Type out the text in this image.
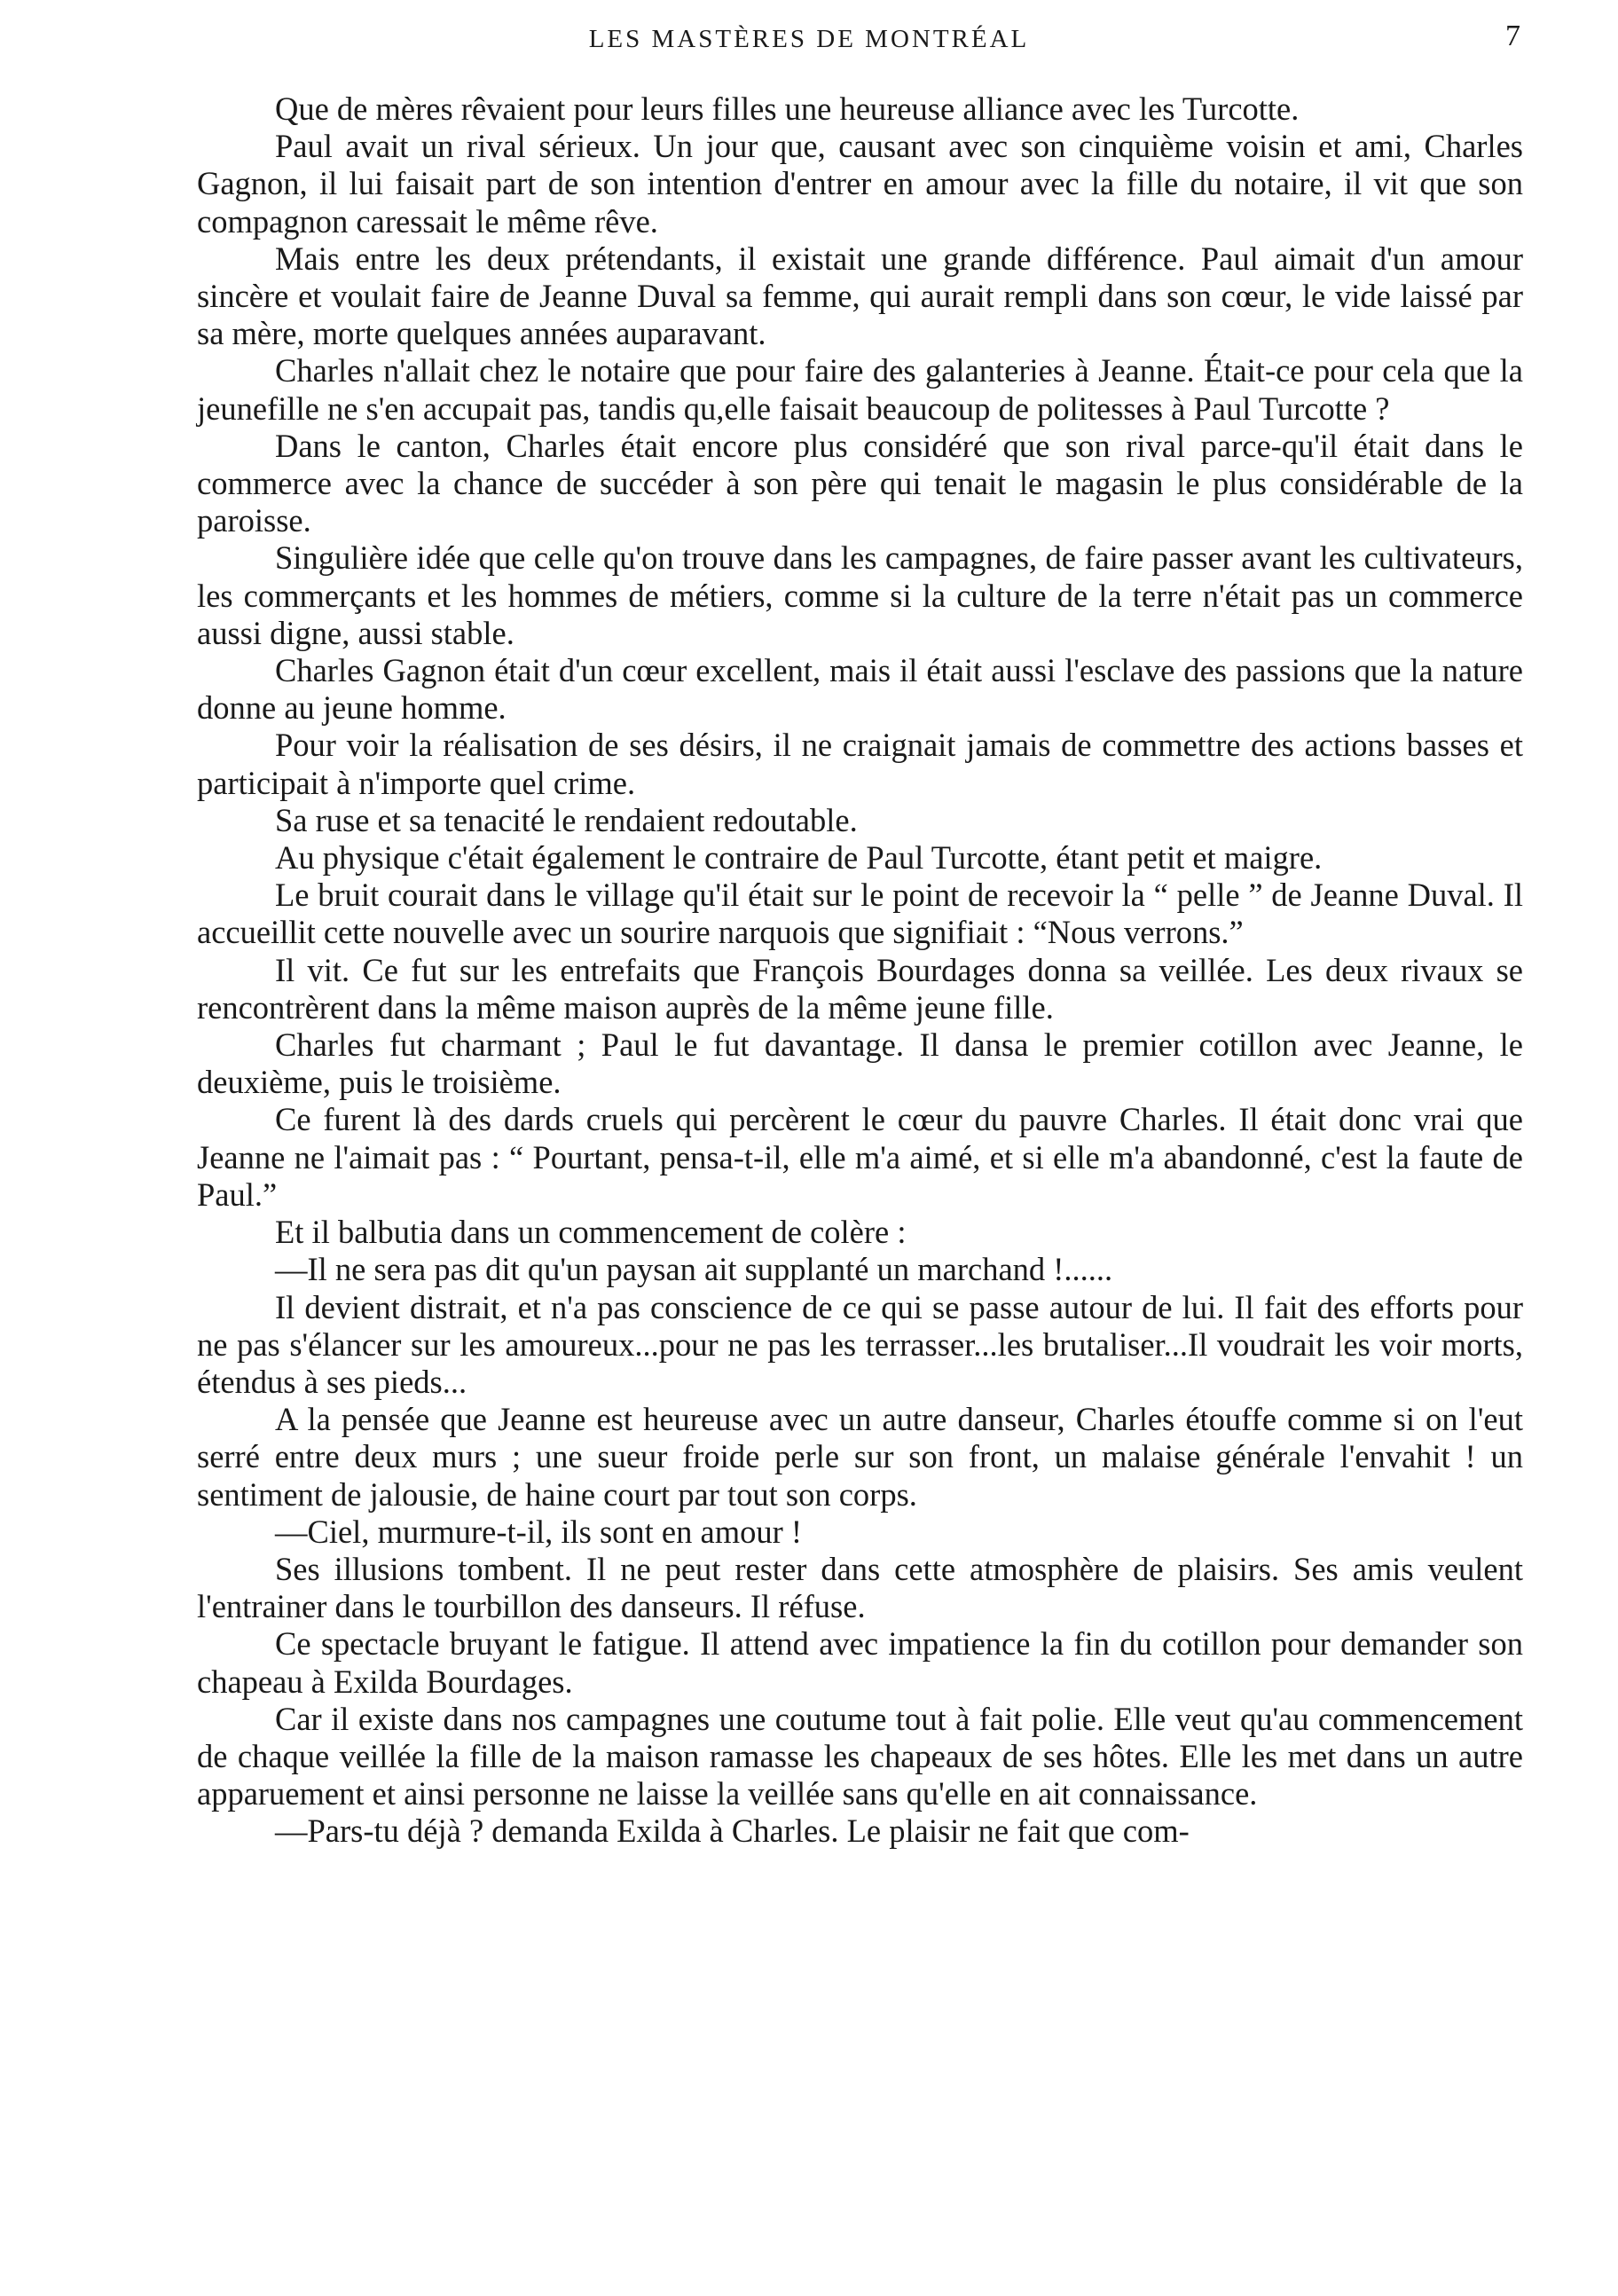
LES MASTÈRES DE MONTRÉAL	7

Que de mères rêvaient pour leurs filles une heureuse alliance avec les Turcotte.

Paul avait un rival sérieux. Un jour que, causant avec son cinquième voisin et ami, Charles Gagnon, il lui faisait part de son intention d'entrer en amour avec la fille du notaire, il vit que son compagnon caressait le même rêve.

Mais entre les deux prétendants, il existait une grande différence. Paul aimait d'un amour sincère et voulait faire de Jeanne Duval sa femme, qui aurait rempli dans son cœur, le vide laissé par sa mère, morte quelques années auparavant.

Charles n'allait chez le notaire que pour faire des galanteries à Jeanne. Était-ce pour cela que la jeunefille ne s'en accupait pas, tandis qu,elle faisait beaucoup de politesses à Paul Turcotte ?

Dans le canton, Charles était encore plus considéré que son rival parce-qu'il était dans le commerce avec la chance de succéder à son père qui tenait le magasin le plus considérable de la paroisse.

Singulière idée que celle qu'on trouve dans les campagnes, de faire passer avant les cultivateurs, les commerçants et les hommes de métiers, comme si la culture de la terre n'était pas un commerce aussi digne, aussi stable.

Charles Gagnon était d'un cœur excellent, mais il était aussi l'esclave des passions que la nature donne au jeune homme.

Pour voir la réalisation de ses désirs, il ne craignait jamais de commettre des actions basses et participait à n'importe quel crime.

Sa ruse et sa tenacité le rendaient redoutable.

Au physique c'était également le contraire de Paul Turcotte, étant petit et maigre.

Le bruit courait dans le village qu'il était sur le point de recevoir la “ pelle ” de Jeanne Duval. Il accueillit cette nouvelle avec un sourire narquois que signifiait : “Nous verrons.”

Il vit. Ce fut sur les entrefaits que François Bourdages donna sa veillée. Les deux rivaux se rencontrèrent dans la même maison auprès de la même jeune fille.

Charles fut charmant ; Paul le fut davantage. Il dansa le premier cotillon avec Jeanne, le deuxième, puis le troisième.

Ce furent là des dards cruels qui percèrent le cœur du pauvre Charles. Il était donc vrai que Jeanne ne l'aimait pas : “ Pourtant, pensa-t-il, elle m'a aimé, et si elle m'a abandonné, c'est la faute de Paul.”

Et il balbutia dans un commencement de colère :

—Il ne sera pas dit qu'un paysan ait supplanté un marchand !......

Il devient distrait, et n'a pas conscience de ce qui se passe autour de lui. Il fait des efforts pour ne pas s'élancer sur les amoureux...pour ne pas les terrasser...les brutaliser...Il voudrait les voir morts, étendus à ses pieds...

A la pensée que Jeanne est heureuse avec un autre danseur, Charles étouffe comme si on l'eut serré entre deux murs ; une sueur froide perle sur son front, un malaise générale l'envahit ! un sentiment de jalousie, de haine court par tout son corps.

—Ciel, murmure-t-il, ils sont en amour !

Ses illusions tombent. Il ne peut rester dans cette atmosphère de plaisirs. Ses amis veulent l'entrainer dans le tourbillon des danseurs. Il réfuse.

Ce spectacle bruyant le fatigue. Il attend avec impatience la fin du cotillon pour demander son chapeau à Exilda Bourdages.

Car il existe dans nos campagnes une coutume tout à fait polie. Elle veut qu'au commencement de chaque veillée la fille de la maison ramasse les chapeaux de ses hôtes. Elle les met dans un autre apparuement et ainsi personne ne laisse la veillée sans qu'elle en ait connaissance.

—Pars-tu déjà ? demanda Exilda à Charles. Le plaisir ne fait que com-
